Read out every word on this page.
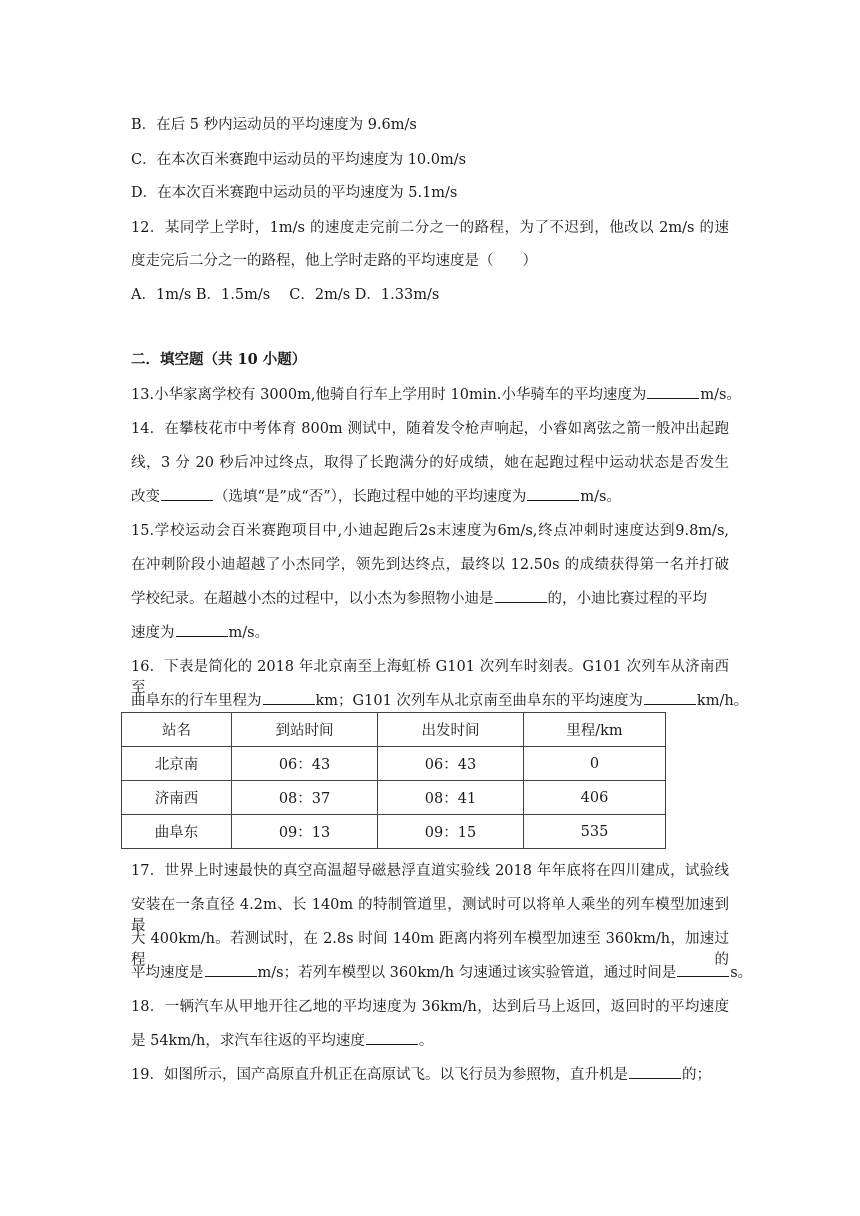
B．在后 5 秒内运动员的平均速度为 9.6m/s
C．在本次百米赛跑中运动员的平均速度为 10.0m/s
D．在本次百米赛跑中运动员的平均速度为 5.1m/s
12．某同学上学时，1m/s 的速度走完前二分之一的路程，为了不迟到，他改以 2m/s 的速
度走完后二分之一的路程，他上学时走路的平均速度是（　　）
A．1m/s B．1.5m/s　 C．2m/s D．1.33m/s
二．填空题（共 10 小题）
13.小华家离学校有 3000m,他骑自行车上学用时 10min.小华骑车的平均速度为	m/s。
14．在攀枝花市中考体育 800m 测试中，随着发令枪声响起，小睿如离弦之箭一般冲出起跑
线，3 分 20 秒后冲过终点，取得了长跑满分的好成绩，她在起跑过程中运动状态是否发生
改变	（选填“是”成“否”），长跑过程中她的平均速度为	m/s。
15.学校运动会百米赛跑项目中,小迪起跑后2s末速度为6m/s,终点冲刺时速度达到9.8m/s,
在冲刺阶段小迪超越了小杰同学，领先到达终点，最终以 12.50s 的成绩获得第一名并打破
学校纪录。在超越小杰的过程中，以小杰为参照物小迪是	的，小迪比赛过程的平均
速度为	m/s。
16．下表是简化的 2018 年北京南至上海虹桥 G101 次列车时刻表。G101 次列车从济南西至
曲阜东的行车里程为	km；G101 次列车从北京南至曲阜东的平均速度为	km/h。
站名	到站时间	出发时间	里程/km
北京南	06：43	06：43	0
济南西	08：37	08：41	406
曲阜东	09：13	09：15	535
17．世界上时速最快的真空高温超导磁悬浮直道实验线 2018 年年底将在四川建成，试验线
安装在一条直径 4.2m、长 140m 的特制管道里，测试时可以将单人乘坐的列车模型加速到最
大 400km/h。若测试时，在 2.8s 时间 140m 距离内将列车模型加速至 360km/h，加速过程的
平均速度是	m/s；若列车模型以 360km/h 匀速通过该实验管道，通过时间是	s。
18．一辆汽车从甲地开往乙地的平均速度为 36km/h，达到后马上返回，返回时的平均速度
是 54km/h，求汽车往返的平均速度	。
19．如图所示，国产高原直升机正在高原试飞。以飞行员为参照物，直升机是	的；
